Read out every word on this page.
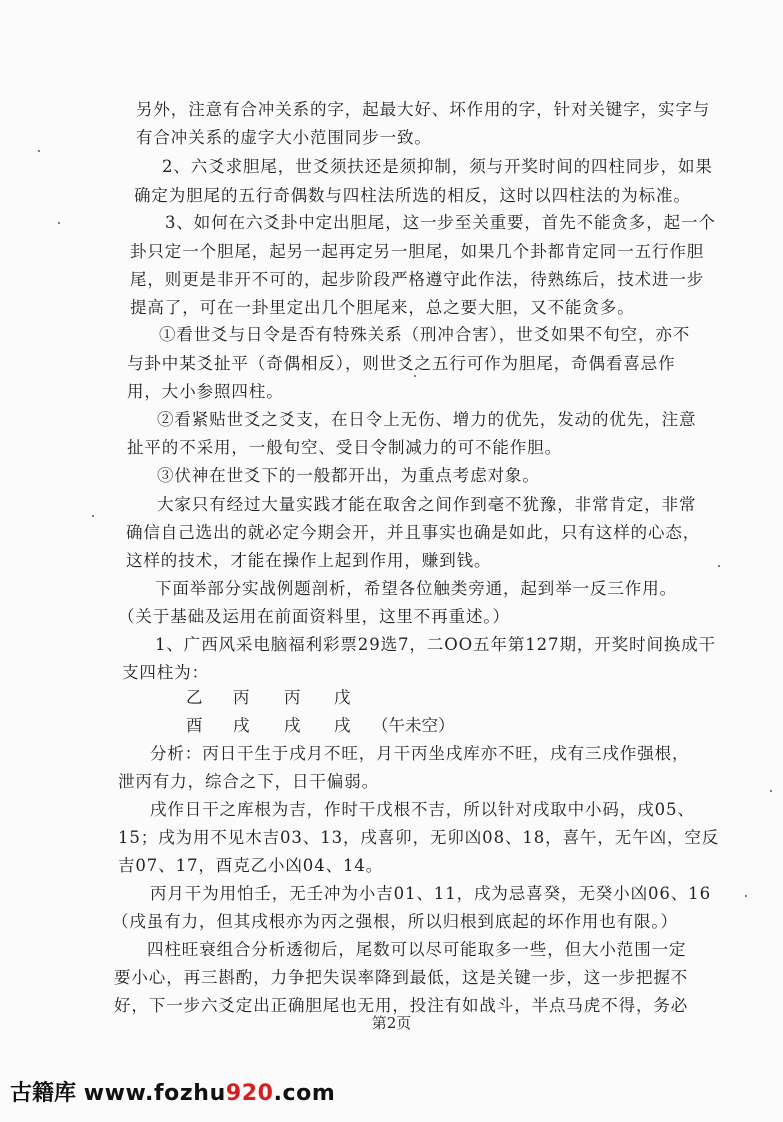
另外，注意有合冲关系的字，起最大好、坏作用的字，针对关键字，实字与
有合冲关系的虚字大小范围同步一致。
2、六爻求胆尾，世爻须扶还是须抑制，须与开奖时间的四柱同步，如果
确定为胆尾的五行奇偶数与四柱法所选的相反，这时以四柱法的为标准。
3、如何在六爻卦中定出胆尾，这一步至关重要，首先不能贪多，起一个
卦只定一个胆尾，起另一起再定另一胆尾，如果几个卦都肯定同一五行作胆
尾，则更是非开不可的，起步阶段严格遵守此作法，待熟练后，技术进一步
提高了，可在一卦里定出几个胆尾来，总之要大胆，又不能贪多。
①看世爻与日令是否有特殊关系（刑冲合害），世爻如果不旬空，亦不
与卦中某爻扯平（奇偶相反），则世爻之五行可作为胆尾，奇偶看喜忌作
用，大小参照四柱。
②看紧贴世爻之爻支，在日令上无伤、增力的优先，发动的优先，注意
扯平的不采用，一般旬空、受日令制减力的可不能作胆。
③伏神在世爻下的一般都开出，为重点考虑对象。
大家只有经过大量实践才能在取舍之间作到毫不犹豫，非常肯定，非常
确信自己选出的就必定今期会开，并且事实也确是如此，只有这样的心态，
这样的技术，才能在操作上起到作用，赚到钱。
下面举部分实战例题剖析，希望各位触类旁通，起到举一反三作用。
（关于基础及运用在前面资料里，这里不再重述。）
1、广西风采电脑福利彩票29选7，二OO五年第127期，开奖时间换成干
支四柱为：
乙 丙 丙 戊
酉 戌 戌 戌 （午未空）
分析：丙日干生于戌月不旺，月干丙坐戌库亦不旺，戌有三戌作强根，
泄丙有力，综合之下，日干偏弱。
戌作日干之库根为吉，作时干戊根不吉，所以针对戌取中小码，戌05、
15；戌为用不见木吉03、13，戌喜卯，无卯凶08、18，喜午，无午凶，空反
吉07、17，酉克乙小凶04、14。
丙月干为用怕壬，无壬冲为小吉01、11，戌为忌喜癸，无癸小凶06、16
（戌虽有力，但其戌根亦为丙之强根，所以归根到底起的坏作用也有限。）
四柱旺衰组合分析透彻后，尾数可以尽可能取多一些，但大小范围一定
要小心，再三斟酌，力争把失误率降到最低，这是关键一步，这一步把握不
好，下一步六爻定出正确胆尾也无用，投注有如战斗，半点马虎不得，务必
第2页
古籍库 www.fozhu920.com
